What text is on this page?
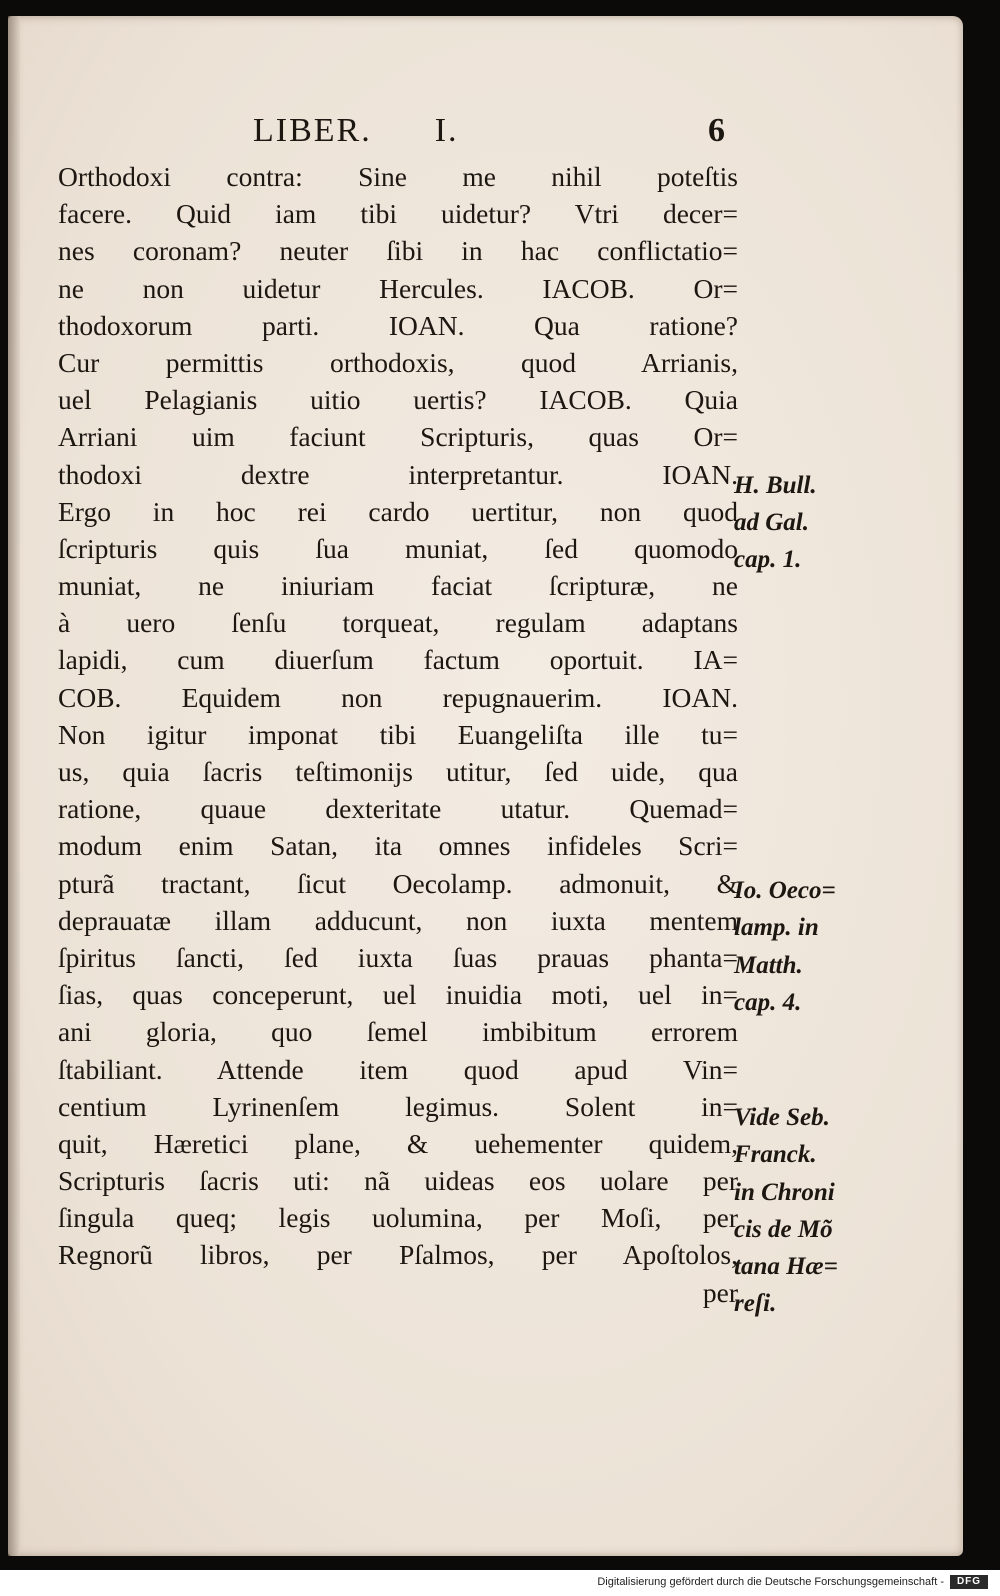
LIBER.      I.	6
Orthodoxi contra: Sine me nihil poteſtis
facere. Quid iam tibi uidetur? Vtri decer=
nes coronam? neuter ſibi in hac conflictatio=
ne non uidetur Hercules. IACOB. Or=
thodoxorum parti. IOAN. Qua ratione?
Cur permittis orthodoxis, quod Arrianis,
uel Pelagianis uitio uertis? IACOB. Quia
Arriani uim faciunt Scripturis, quas Or=
thodoxi dextre interpretantur. IOAN.
Ergo in hoc rei cardo uertitur, non quod
ſcripturis quis ſua muniat, ſed quomodo
muniat, ne iniuriam faciat ſcripturæ, ne
à uero ſenſu torqueat, regulam adaptans
lapidi, cum diuerſum factum oportuit. IA=
COB. Equidem non repugnauerim. IOAN.
Non igitur imponat tibi Euangeliſta ille tu=
us, quia ſacris teſtimonijs utitur, ſed uide, qua
ratione, quaue dexteritate utatur. Quemad=
modum enim Satan, ita omnes infideles Scri=
pturã tractant, ſicut Oecolamp. admonuit, &
deprauatæ illam adducunt, non iuxta mentem
ſpiritus ſancti, ſed iuxta ſuas prauas phanta=
ſias, quas conceperunt, uel inuidia moti, uel in=
ani gloria, quo ſemel imbibitum errorem
ſtabiliant. Attende item quod apud Vin=
centium Lyrinenſem legimus. Solent in=
quit, Hæretici plane, & uehementer quidem,
Scripturis ſacris uti: nã uideas eos uolare per
ſingula queq; legis uolumina, per Moſi, per
Regnorũ libros, per Pſalmos, per Apoſtolos,
per
H. Bull.
ad Gal.
cap. 1.
Io. Oeco=
lamp. in
Matth.
cap. 4.
Vide Seb.
Franck.
in Chroni
cis de Mõ
tana Hæ=
reſi.
Digitalisierung gefördert durch die Deutsche Forschungsgemeinschaft -	DFG
